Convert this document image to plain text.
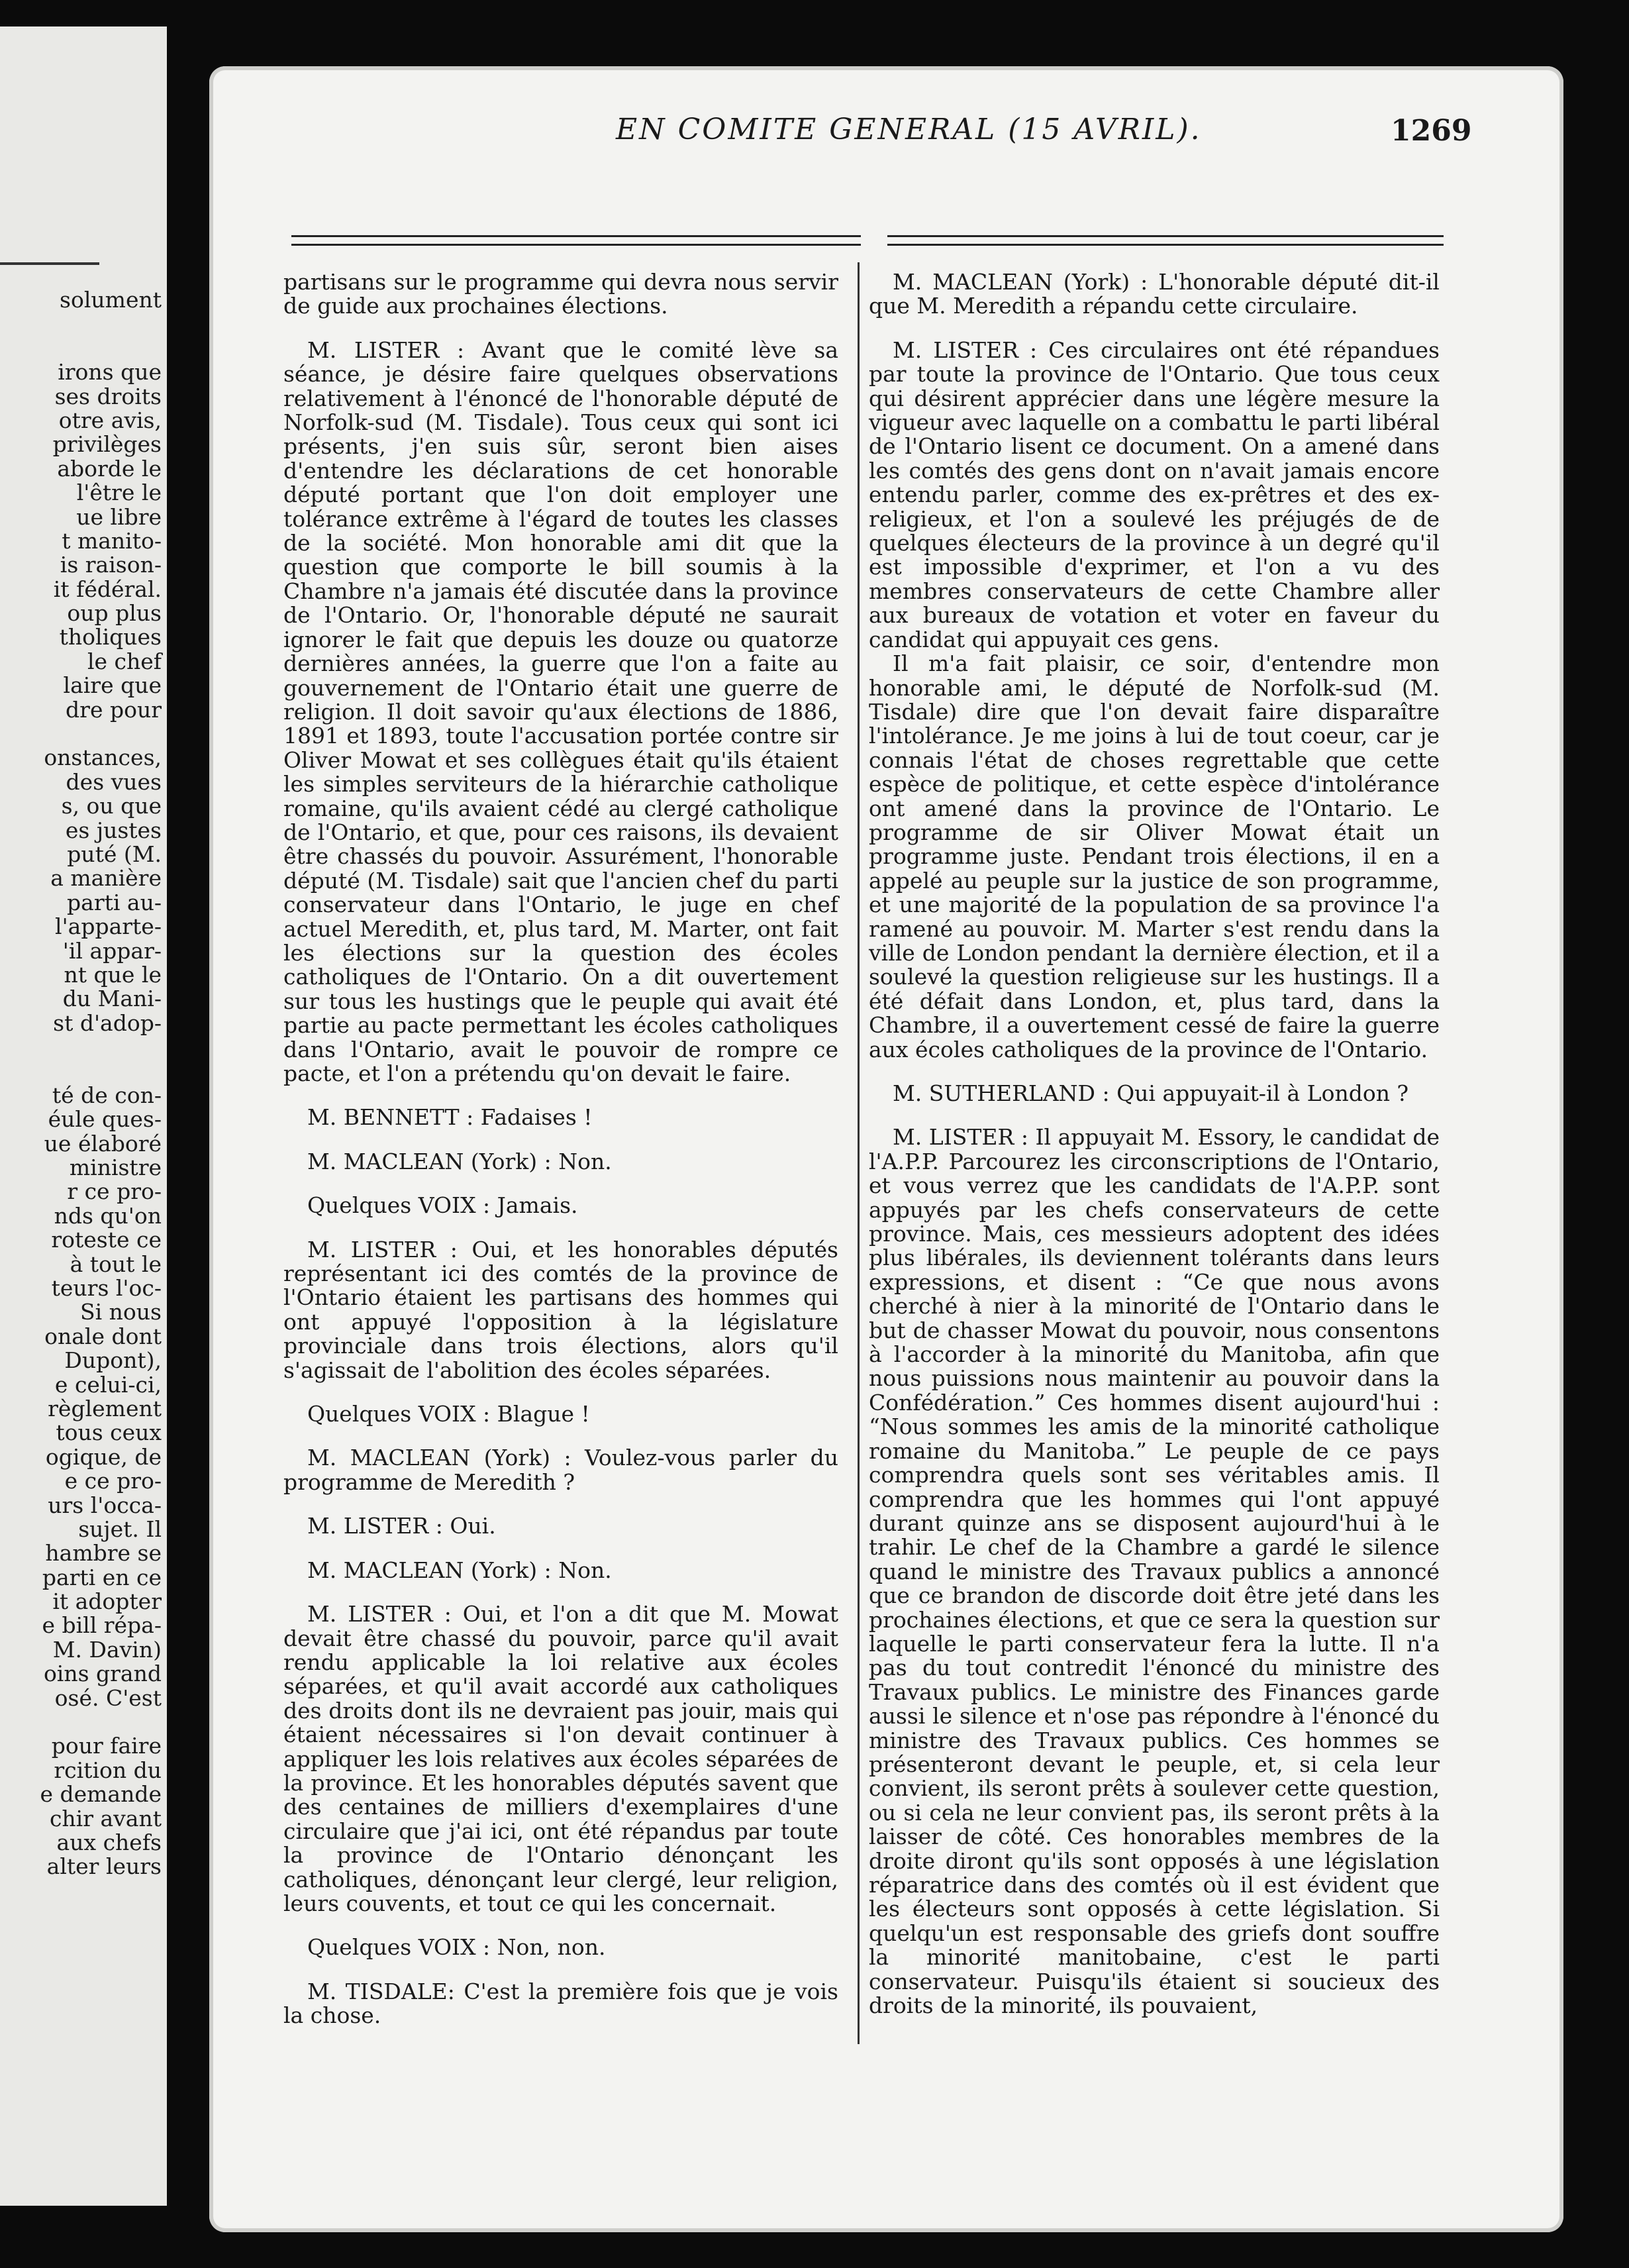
solument
irons que
ses droits
otre avis,
privilèges
aborde le
l'être le
ue libre
t manito-
is raison-
it fédéral.
oup plus
tholiques
le chef
laire que
dre pour
onstances,
des vues
s, ou que
es justes
puté (M.
a manière
parti au-
l'apparte-
'il appar-
nt que le
du Mani-
st d'adop-
té de con-
éule ques-
ue élaboré
ministre
r ce pro-
nds qu'on
roteste ce
à tout le
teurs l'oc-
Si nous
onale dont
Dupont),
e celui-ci,
règlement
tous ceux
ogique, de
e ce pro-
urs l'occa-
sujet. Il
hambre se
parti en ce
it adopter
e bill répa-
M. Davin)
oins grand
osé. C'est
pour faire
rcition du
e demande
chir avant
aux chefs
alter leurs
EN COMITE GENERAL (15 AVRIL).	1269

partisans sur le programme qui devra nous servir de guide aux prochaines élections.

M. LISTER : Avant que le comité lève sa séance, je désire faire quelques observations relativement à l'énoncé de l'honorable député de Norfolk-sud (M. Tisdale). Tous ceux qui sont ici présents, j'en suis sûr, seront bien aises d'entendre les déclarations de cet honorable député portant que l'on doit employer une tolérance extrême à l'égard de toutes les classes de la société. Mon honorable ami dit que la question que comporte le bill soumis à la Chambre n'a jamais été discutée dans la province de l'Ontario. Or, l'honorable député ne saurait ignorer le fait que depuis les douze ou quatorze dernières années, la guerre que l'on a faite au gouvernement de l'Ontario était une guerre de religion. Il doit savoir qu'aux élections de 1886, 1891 et 1893, toute l'accusation portée contre sir Oliver Mowat et ses collègues était qu'ils étaient les simples serviteurs de la hiérarchie catholique romaine, qu'ils avaient cédé au clergé catholique de l'Ontario, et que, pour ces raisons, ils devaient être chassés du pouvoir. Assurément, l'honorable député (M. Tisdale) sait que l'ancien chef du parti conservateur dans l'Ontario, le juge en chef actuel Meredith, et, plus tard, M. Marter, ont fait les élections sur la question des écoles catholiques de l'Ontario. On a dit ouvertement sur tous les hustings que le peuple qui avait été partie au pacte permettant les écoles catholiques dans l'Ontario, avait le pouvoir de rompre ce pacte, et l'on a prétendu qu'on devait le faire.

M. BENNETT : Fadaises !

M. MACLEAN (York) : Non.

Quelques VOIX : Jamais.

M. LISTER : Oui, et les honorables députés représentant ici des comtés de la province de l'Ontario étaient les partisans des hommes qui ont appuyé l'opposition à la législature provinciale dans trois élections, alors qu'il s'agissait de l'abolition des écoles séparées.

Quelques VOIX : Blague !

M. MACLEAN (York) : Voulez-vous parler du programme de Meredith ?

M. LISTER : Oui.

M. MACLEAN (York) : Non.

M. LISTER : Oui, et l'on a dit que M. Mowat devait être chassé du pouvoir, parce qu'il avait rendu applicable la loi relative aux écoles séparées, et qu'il avait accordé aux catholiques des droits dont ils ne devraient pas jouir, mais qui étaient nécessaires si l'on devait continuer à appliquer les lois relatives aux écoles séparées de la province. Et les honorables députés savent que des centaines de milliers d'exemplaires d'une circulaire que j'ai ici, ont été répandus par toute la province de l'Ontario dénonçant les catholiques, dénonçant leur clergé, leur religion, leurs couvents, et tout ce qui les concernait.

Quelques VOIX : Non, non.

M. TISDALE: C'est la première fois que je vois la chose.

M. MACLEAN (York) : L'honorable député dit-il que M. Meredith a répandu cette circulaire.

M. LISTER : Ces circulaires ont été répandues par toute la province de l'Ontario. Que tous ceux qui désirent apprécier dans une légère mesure la vigueur avec laquelle on a combattu le parti libéral de l'Ontario lisent ce document. On a amené dans les comtés des gens dont on n'avait jamais encore entendu parler, comme des ex-prêtres et des ex-religieux, et l'on a soulevé les préjugés de de quelques électeurs de la province à un degré qu'il est impossible d'exprimer, et l'on a vu des membres conservateurs de cette Chambre aller aux bureaux de votation et voter en faveur du candidat qui appuyait ces gens.

Il m'a fait plaisir, ce soir, d'entendre mon honorable ami, le député de Norfolk-sud (M. Tisdale) dire que l'on devait faire disparaître l'intolérance. Je me joins à lui de tout coeur, car je connais l'état de choses regrettable que cette espèce de politique, et cette espèce d'intolérance ont amené dans la province de l'Ontario. Le programme de sir Oliver Mowat était un programme juste. Pendant trois élections, il en a appelé au peuple sur la justice de son programme, et une majorité de la population de sa province l'a ramené au pouvoir. M. Marter s'est rendu dans la ville de London pendant la dernière élection, et il a soulevé la question religieuse sur les hustings. Il a été défait dans London, et, plus tard, dans la Chambre, il a ouvertement cessé de faire la guerre aux écoles catholiques de la province de l'Ontario.

M. SUTHERLAND : Qui appuyait-il à London ?

M. LISTER : Il appuyait M. Essory, le candidat de l'A.P.P. Parcourez les circonscriptions de l'Ontario, et vous verrez que les candidats de l'A.P.P. sont appuyés par les chefs conservateurs de cette province. Mais, ces messieurs adoptent des idées plus libérales, ils deviennent tolérants dans leurs expressions, et disent : “Ce que nous avons cherché à nier à la minorité de l'Ontario dans le but de chasser Mowat du pouvoir, nous consentons à l'accorder à la minorité du Manitoba, afin que nous puissions nous maintenir au pouvoir dans la Confédération.” Ces hommes disent aujourd'hui : “Nous sommes les amis de la minorité catholique romaine du Manitoba.” Le peuple de ce pays comprendra quels sont ses véritables amis. Il comprendra que les hommes qui l'ont appuyé durant quinze ans se disposent aujourd'hui à le trahir. Le chef de la Chambre a gardé le silence quand le ministre des Travaux publics a annoncé que ce brandon de discorde doit être jeté dans les prochaines élections, et que ce sera la question sur laquelle le parti conservateur fera la lutte. Il n'a pas du tout contredit l'énoncé du ministre des Travaux publics. Le ministre des Finances garde aussi le silence et n'ose pas répondre à l'énoncé du ministre des Travaux publics. Ces hommes se présenteront devant le peuple, et, si cela leur convient, ils seront prêts à soulever cette question, ou si cela ne leur convient pas, ils seront prêts à la laisser de côté. Ces honorables membres de la droite diront qu'ils sont opposés à une législation réparatrice dans des comtés où il est évident que les électeurs sont opposés à cette législation. Si quelqu'un est responsable des griefs dont souffre la minorité manitobaine, c'est le parti conservateur. Puisqu'ils étaient si soucieux des droits de la minorité, ils pouvaient,
